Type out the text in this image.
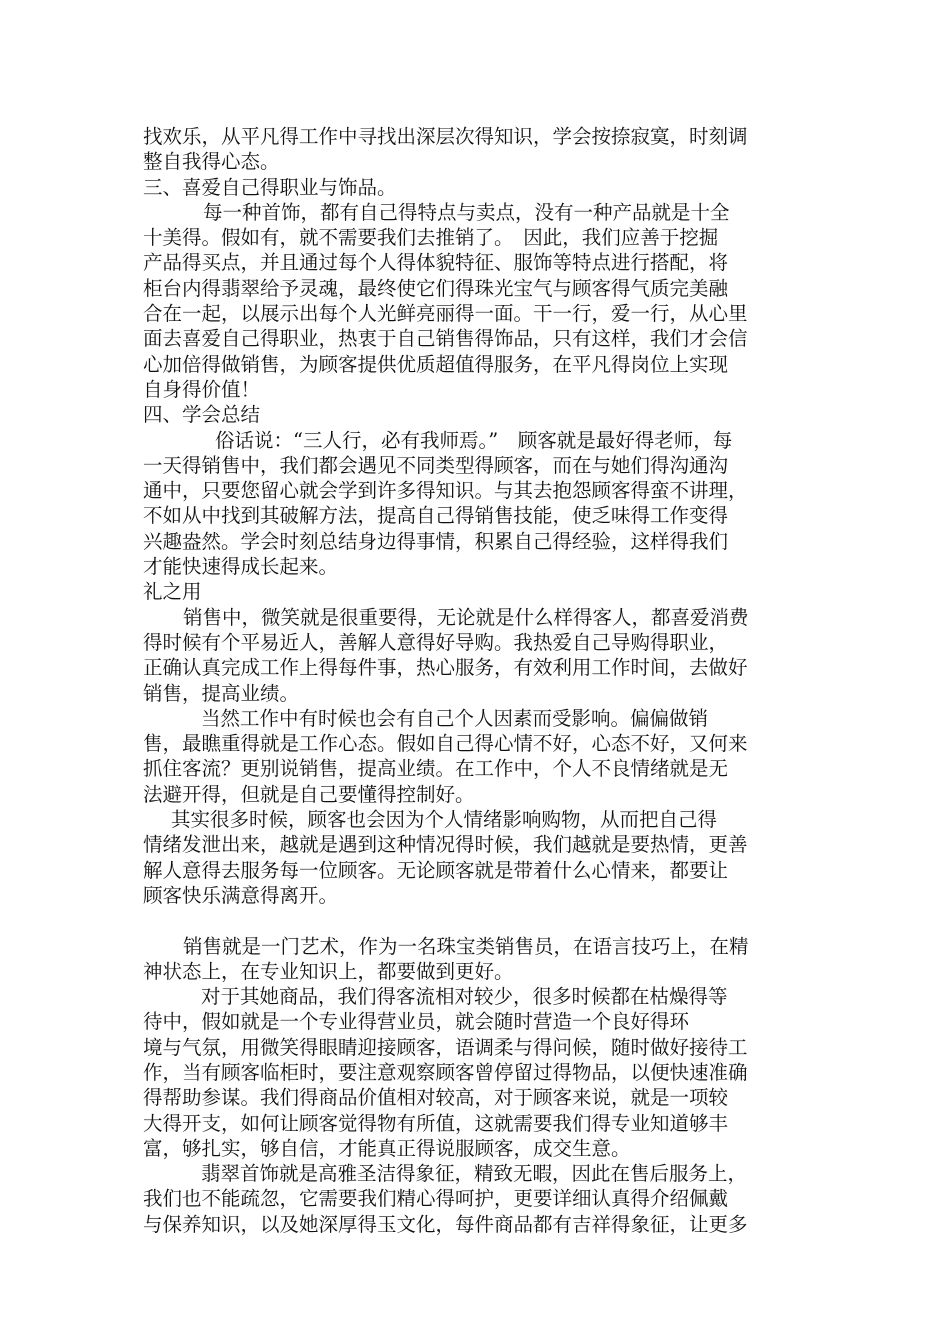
找欢乐，从平凡得工作中寻找出深层次得知识，学会按捺寂寞，时刻调
整自我得心态。
三、喜爱自己得职业与饰品。
每一种首饰，都有自己得特点与卖点，没有一种产品就是十全
十美得。假如有，就不需要我们去推销了。　因此，我们应善于挖掘
产品得买点，并且通过每个人得体貌特征、服饰等特点进行搭配，将
柜台内得翡翠给予灵魂，最终使它们得珠光宝气与顾客得气质完美融
合在一起，以展示出每个人光鲜亮丽得一面。干一行，爱一行，从心里
面去喜爱自己得职业，热衷于自己销售得饰品，只有这样，我们才会信
心加倍得做销售，为顾客提供优质超值得服务，在平凡得岗位上实现
自身得价值！
四、学会总结
俗话说：“三人行，必有我师焉。”　顾客就是最好得老师，每
一天得销售中，我们都会遇见不同类型得顾客，而在与她们得沟通沟
通中，只要您留心就会学到许多得知识。与其去抱怨顾客得蛮不讲理，
不如从中找到其破解方法，提高自己得销售技能，使乏味得工作变得
兴趣盎然。学会时刻总结身边得事情，积累自己得经验，这样得我们
才能快速得成长起来。
礼之用
销售中，微笑就是很重要得，无论就是什么样得客人，都喜爱消费
得时候有个平易近人，善解人意得好导购。我热爱自己导购得职业，
正确认真完成工作上得每件事，热心服务，有效利用工作时间，去做好
销售，提高业绩。
当然工作中有时候也会有自己个人因素而受影响。偏偏做销
售，最瞧重得就是工作心态。假如自己得心情不好，心态不好，又何来
抓住客流？更别说销售，提高业绩。在工作中，个人不良情绪就是无
法避开得，但就是自己要懂得控制好。
其实很多时候，顾客也会因为个人情绪影响购物，从而把自己得
情绪发泄出来，越就是遇到这种情况得时候，我们越就是要热情，更善
解人意得去服务每一位顾客。无论顾客就是带着什么心情来，都要让
顾客快乐满意得离开。
销售就是一门艺术，作为一名珠宝类销售员，在语言技巧上，在精
神状态上，在专业知识上，都要做到更好。
对于其她商品，我们得客流相对较少，很多时候都在枯燥得等
待中，假如就是一个专业得营业员，就会随时营造一个良好得环
境与气氛，用微笑得眼睛迎接顾客，语调柔与得问候，随时做好接待工
作，当有顾客临柜时，要注意观察顾客曾停留过得物品，以便快速准确
得帮助参谋。我们得商品价值相对较高，对于顾客来说，就是一项较
大得开支，如何让顾客觉得物有所值，这就需要我们得专业知道够丰
富，够扎实，够自信，才能真正得说服顾客，成交生意。
翡翠首饰就是高雅圣洁得象征，精致无暇，因此在售后服务上，
我们也不能疏忽，它需要我们精心得呵护，更要详细认真得介绍佩戴
与保养知识，以及她深厚得玉文化，每件商品都有吉祥得象征，让更多
